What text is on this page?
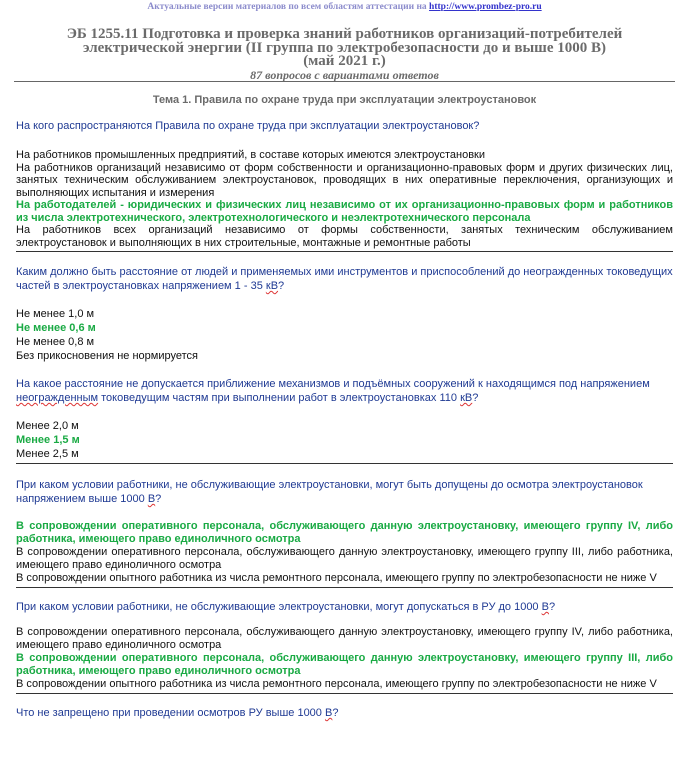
Актуальные версии материалов по всем областям аттестации на http://www.prombez-pro.ru
ЭБ 1255.11 Подготовка и проверка знаний работников организаций-потребителей
электрической энергии (II группа по электробезопасности до и выше 1000 В)
(май 2021 г.)
87 вопросов с вариантами ответов
Тема 1. Правила по охране труда при эксплуатации электроустановок

На кого распространяются Правила по охране труда при эксплуатации электроустановок?

На работников промышленных предприятий, в составе которых имеются электроустановки
На работников организаций независимо от форм собственности и организационно-правовых форм и других физических лиц, занятых техническим обслуживанием электроустановок, проводящих в них оперативные переключения, организующих и выполняющих испытания и измерения
На работодателей - юридических и физических лиц независимо от их организационно-правовых форм и работников из числа электротехнического, электротехнологического и неэлектротехнического персонала
На работников всех организаций независимо от формы собственности, занятых техническим обслуживанием электроустановок и выполняющих в них строительные, монтажные и ремонтные работы

Каким должно быть расстояние от людей и применяемых ими инструментов и приспособлений до неогражденных токоведущих частей в электроустановках напряжением 1 - 35 кВ?

Не менее 1,0 м
Не менее 0,6 м
Не менее 0,8 м
Без прикосновения не нормируется

На какое расстояние не допускается приближение механизмов и подъёмных сооружений к находящимся под напряжением неогражденным токоведущим частям при выполнении работ в электроустановках 110 кВ?

Менее 2,0 м
Менее 1,5 м
Менее 2,5 м

При каком условии работники, не обслуживающие электроустановки, могут быть допущены до осмотра электроустановок напряжением выше 1000 В?

В сопровождении оперативного персонала, обслуживающего данную электроустановку, имеющего группу IV, либо работника, имеющего право единоличного осмотра
В сопровождении оперативного персонала, обслуживающего данную электроустановку, имеющего группу III, либо работника, имеющего право единоличного осмотра
В сопровождении опытного работника из числа ремонтного персонала, имеющего группу по электробезопасности не ниже V

При каком условии работники, не обслуживающие электроустановки, могут допускаться в РУ до 1000 В?

В сопровождении оперативного персонала, обслуживающего данную электроустановку, имеющего группу IV, либо работника, имеющего право единоличного осмотра
В сопровождении оперативного персонала, обслуживающего данную электроустановку, имеющего группу III, либо работника, имеющего право единоличного осмотра
В сопровождении опытного работника из числа ремонтного персонала, имеющего группу по электробезопасности не ниже V

Что не запрещено при проведении осмотров РУ выше 1000 В?
